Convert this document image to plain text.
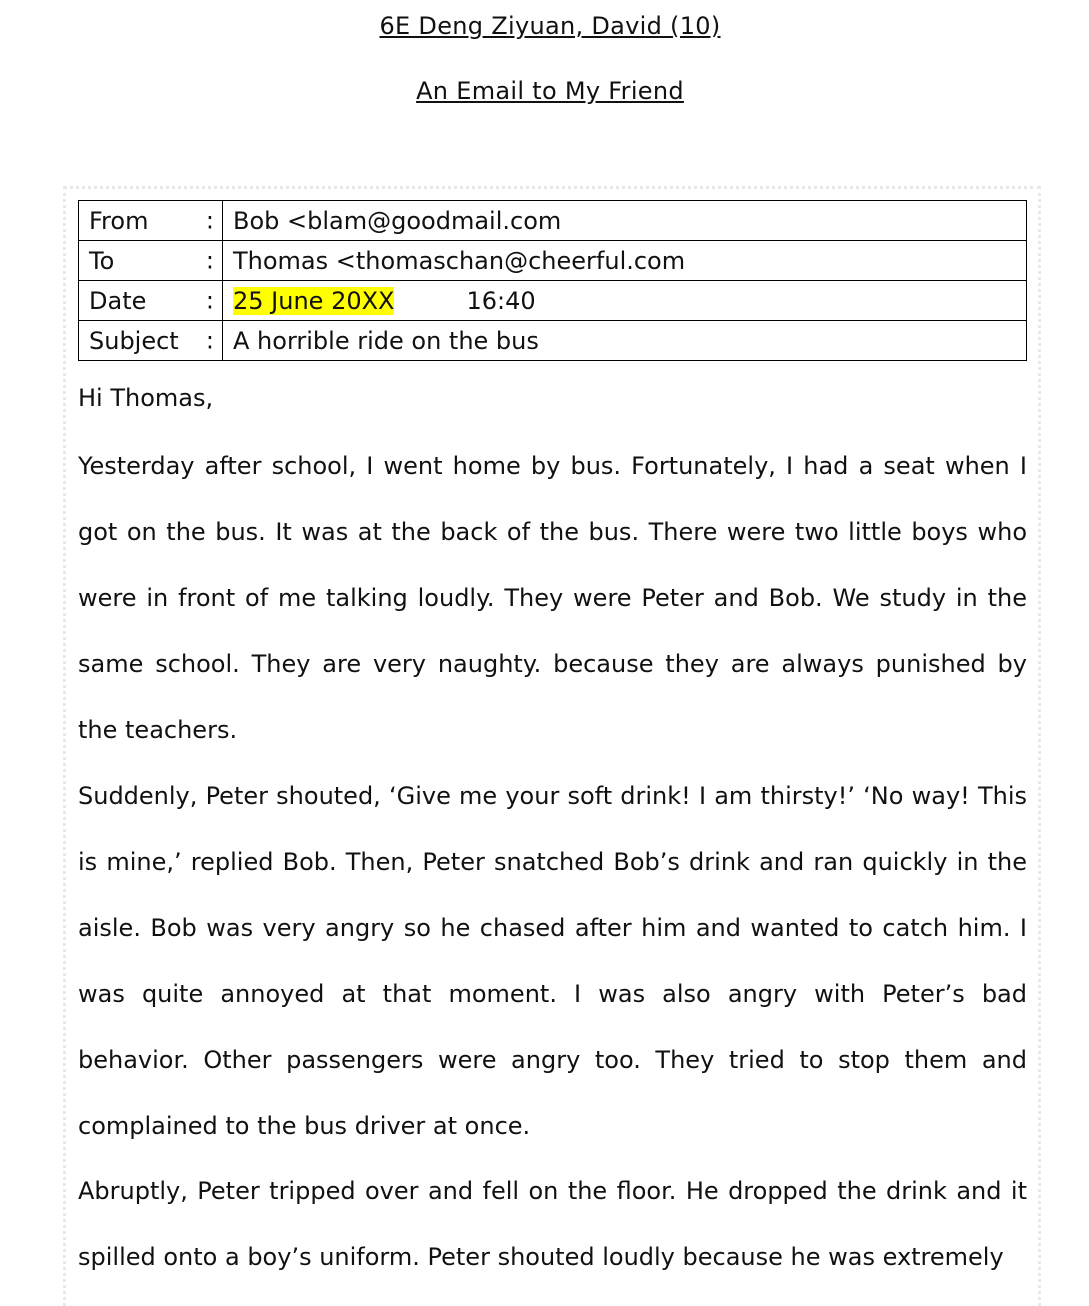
6E Deng Ziyuan, David (10)
An Email to My Friend
From :	Bob <blam@goodmail.com
To :	Thomas <thomaschan@cheerful.com
Date :	25 June 20XX 16:40
Subject :	A horrible ride on the bus
Hi Thomas,
Yesterday after school, I went home by bus. Fortunately, I had a seat when I got on the bus. It was at the back of the bus. There were two little boys who were in front of me talking loudly. They were Peter and Bob. We study in the same school. They are very naughty. because they are always punished by the teachers.
Suddenly, Peter shouted, ‘Give me your soft drink! I am thirsty!’ ‘No way! This is mine,’ replied Bob. Then, Peter snatched Bob’s drink and ran quickly in the aisle. Bob was very angry so he chased after him and wanted to catch him. I was quite annoyed at that moment. I was also angry with Peter’s bad behavior. Other passengers were angry too. They tried to stop them and complained to the bus driver at once.
Abruptly, Peter tripped over and fell on the floor. He dropped the drink and it spilled onto a boy’s uniform. Peter shouted loudly because he was extremely
